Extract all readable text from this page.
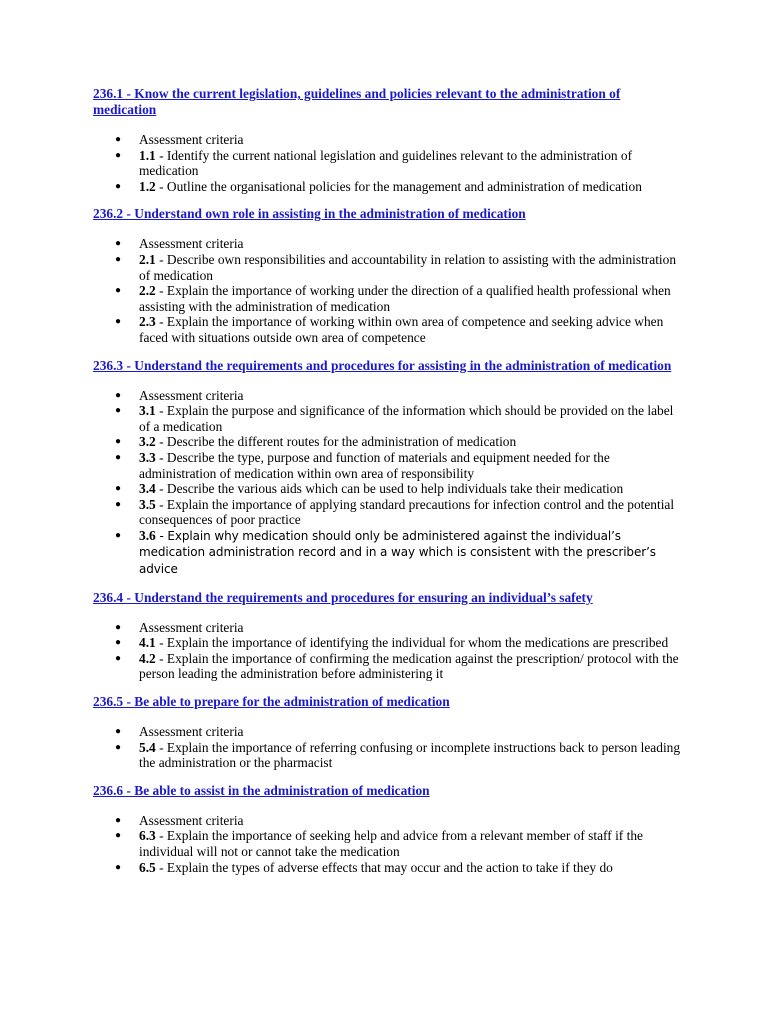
236.1 - Know the current legislation, guidelines and policies relevant to the administration of medication
● Assessment criteria
● 1.1 - Identify the current national legislation and guidelines relevant to the administration of medication
● 1.2 - Outline the organisational policies for the management and administration of medication
236.2 - Understand own role in assisting in the administration of medication
● Assessment criteria
● 2.1 - Describe own responsibilities and accountability in relation to assisting with the administration of medication
● 2.2 - Explain the importance of working under the direction of a qualified health professional when assisting with the administration of medication
● 2.3 - Explain the importance of working within own area of competence and seeking advice when faced with situations outside own area of competence
236.3 - Understand the requirements and procedures for assisting in the administration of medication
● Assessment criteria
● 3.1 - Explain the purpose and significance of the information which should be provided on the label of a medication
● 3.2 - Describe the different routes for the administration of medication
● 3.3 - Describe the type, purpose and function of materials and equipment needed for the administration of medication within own area of responsibility
● 3.4 - Describe the various aids which can be used to help individuals take their medication
● 3.5 - Explain the importance of applying standard precautions for infection control and the potential consequences of poor practice
● 3.6 - Explain why medication should only be administered against the individual’s medication administration record and in a way which is consistent with the prescriber’s advice
236.4 - Understand the requirements and procedures for ensuring an individual’s safety
● Assessment criteria
● 4.1 - Explain the importance of identifying the individual for whom the medications are prescribed
● 4.2 - Explain the importance of confirming the medication against the prescription/ protocol with the person leading the administration before administering it
236.5 - Be able to prepare for the administration of medication
● Assessment criteria
● 5.4 - Explain the importance of referring confusing or incomplete instructions back to person leading the administration or the pharmacist
236.6 - Be able to assist in the administration of medication
● Assessment criteria
● 6.3 - Explain the importance of seeking help and advice from a relevant member of staff if the individual will not or cannot take the medication
● 6.5 - Explain the types of adverse effects that may occur and the action to take if they do
